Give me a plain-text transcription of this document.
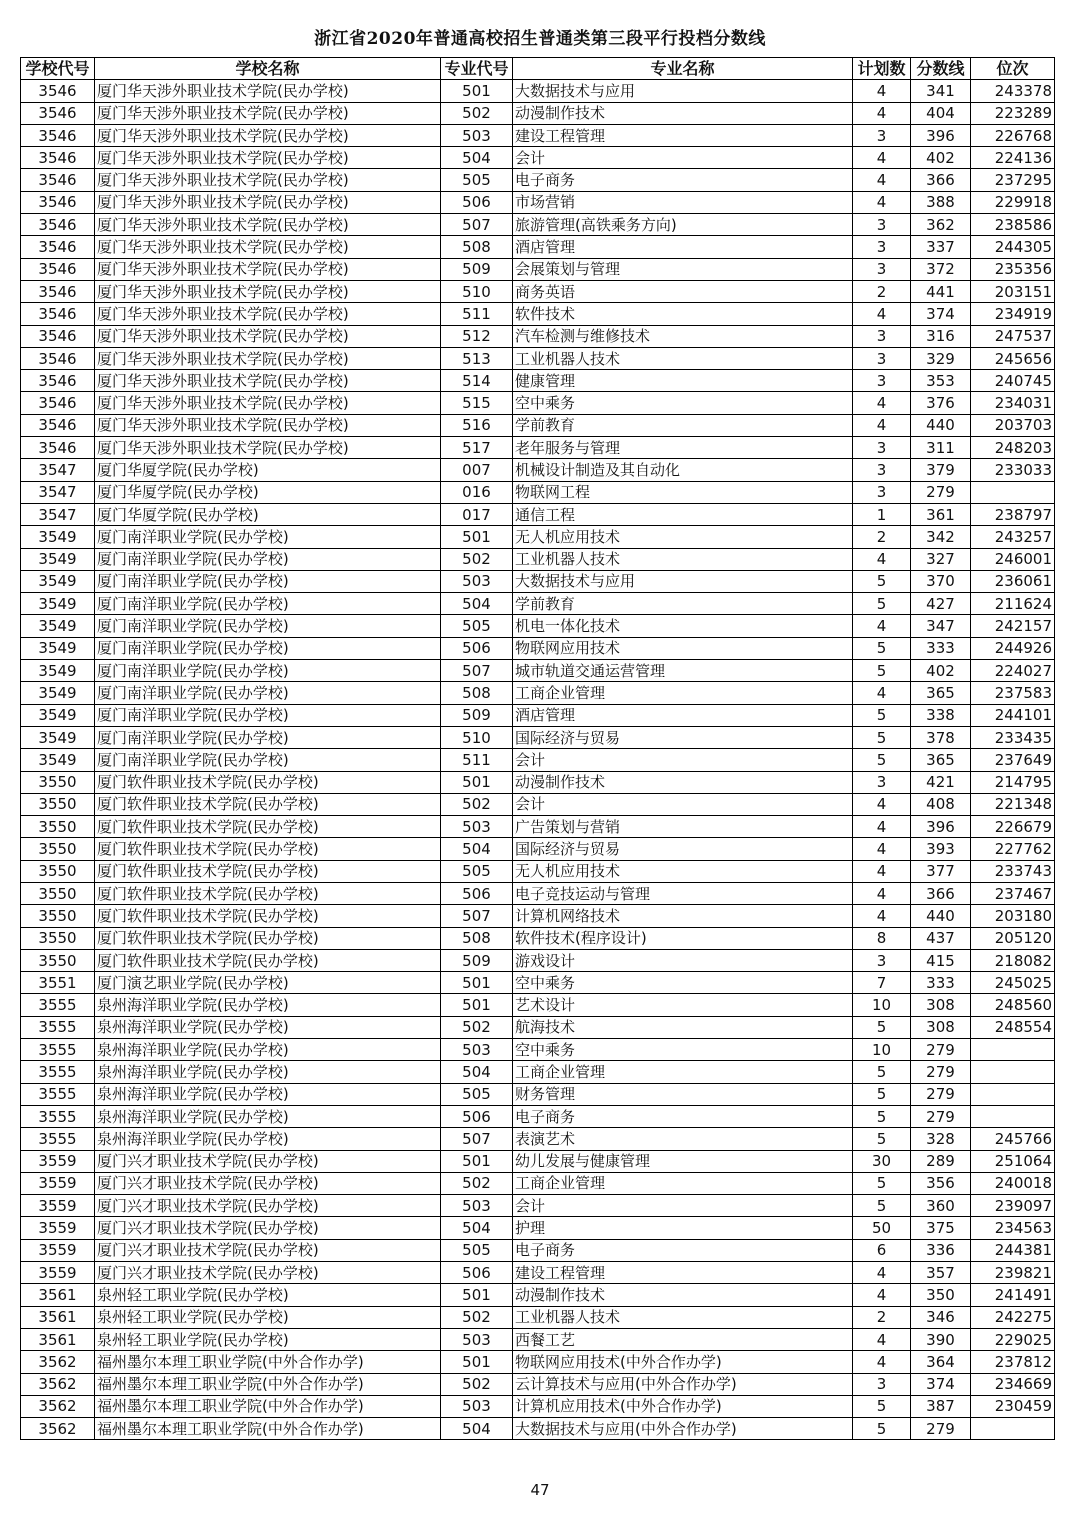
浙江省2020年普通高校招生普通类第三段平行投档分数线
学校代号	学校名称	专业代号	专业名称	计划数	分数线	位次
3546	厦门华天涉外职业技术学院(民办学校)	501	大数据技术与应用	4	341	243378
3546	厦门华天涉外职业技术学院(民办学校)	502	动漫制作技术	4	404	223289
3546	厦门华天涉外职业技术学院(民办学校)	503	建设工程管理	3	396	226768
3546	厦门华天涉外职业技术学院(民办学校)	504	会计	4	402	224136
3546	厦门华天涉外职业技术学院(民办学校)	505	电子商务	4	366	237295
3546	厦门华天涉外职业技术学院(民办学校)	506	市场营销	4	388	229918
3546	厦门华天涉外职业技术学院(民办学校)	507	旅游管理(高铁乘务方向)	3	362	238586
3546	厦门华天涉外职业技术学院(民办学校)	508	酒店管理	3	337	244305
3546	厦门华天涉外职业技术学院(民办学校)	509	会展策划与管理	3	372	235356
3546	厦门华天涉外职业技术学院(民办学校)	510	商务英语	2	441	203151
3546	厦门华天涉外职业技术学院(民办学校)	511	软件技术	4	374	234919
3546	厦门华天涉外职业技术学院(民办学校)	512	汽车检测与维修技术	3	316	247537
3546	厦门华天涉外职业技术学院(民办学校)	513	工业机器人技术	3	329	245656
3546	厦门华天涉外职业技术学院(民办学校)	514	健康管理	3	353	240745
3546	厦门华天涉外职业技术学院(民办学校)	515	空中乘务	4	376	234031
3546	厦门华天涉外职业技术学院(民办学校)	516	学前教育	4	440	203703
3546	厦门华天涉外职业技术学院(民办学校)	517	老年服务与管理	3	311	248203
3547	厦门华厦学院(民办学校)	007	机械设计制造及其自动化	3	379	233033
3547	厦门华厦学院(民办学校)	016	物联网工程	3	279	
3547	厦门华厦学院(民办学校)	017	通信工程	1	361	238797
3549	厦门南洋职业学院(民办学校)	501	无人机应用技术	2	342	243257
3549	厦门南洋职业学院(民办学校)	502	工业机器人技术	4	327	246001
3549	厦门南洋职业学院(民办学校)	503	大数据技术与应用	5	370	236061
3549	厦门南洋职业学院(民办学校)	504	学前教育	5	427	211624
3549	厦门南洋职业学院(民办学校)	505	机电一体化技术	4	347	242157
3549	厦门南洋职业学院(民办学校)	506	物联网应用技术	5	333	244926
3549	厦门南洋职业学院(民办学校)	507	城市轨道交通运营管理	5	402	224027
3549	厦门南洋职业学院(民办学校)	508	工商企业管理	4	365	237583
3549	厦门南洋职业学院(民办学校)	509	酒店管理	5	338	244101
3549	厦门南洋职业学院(民办学校)	510	国际经济与贸易	5	378	233435
3549	厦门南洋职业学院(民办学校)	511	会计	5	365	237649
3550	厦门软件职业技术学院(民办学校)	501	动漫制作技术	3	421	214795
3550	厦门软件职业技术学院(民办学校)	502	会计	4	408	221348
3550	厦门软件职业技术学院(民办学校)	503	广告策划与营销	4	396	226679
3550	厦门软件职业技术学院(民办学校)	504	国际经济与贸易	4	393	227762
3550	厦门软件职业技术学院(民办学校)	505	无人机应用技术	4	377	233743
3550	厦门软件职业技术学院(民办学校)	506	电子竞技运动与管理	4	366	237467
3550	厦门软件职业技术学院(民办学校)	507	计算机网络技术	4	440	203180
3550	厦门软件职业技术学院(民办学校)	508	软件技术(程序设计)	8	437	205120
3550	厦门软件职业技术学院(民办学校)	509	游戏设计	3	415	218082
3551	厦门演艺职业学院(民办学校)	501	空中乘务	7	333	245025
3555	泉州海洋职业学院(民办学校)	501	艺术设计	10	308	248560
3555	泉州海洋职业学院(民办学校)	502	航海技术	5	308	248554
3555	泉州海洋职业学院(民办学校)	503	空中乘务	10	279	
3555	泉州海洋职业学院(民办学校)	504	工商企业管理	5	279	
3555	泉州海洋职业学院(民办学校)	505	财务管理	5	279	
3555	泉州海洋职业学院(民办学校)	506	电子商务	5	279	
3555	泉州海洋职业学院(民办学校)	507	表演艺术	5	328	245766
3559	厦门兴才职业技术学院(民办学校)	501	幼儿发展与健康管理	30	289	251064
3559	厦门兴才职业技术学院(民办学校)	502	工商企业管理	5	356	240018
3559	厦门兴才职业技术学院(民办学校)	503	会计	5	360	239097
3559	厦门兴才职业技术学院(民办学校)	504	护理	50	375	234563
3559	厦门兴才职业技术学院(民办学校)	505	电子商务	6	336	244381
3559	厦门兴才职业技术学院(民办学校)	506	建设工程管理	4	357	239821
3561	泉州轻工职业学院(民办学校)	501	动漫制作技术	4	350	241491
3561	泉州轻工职业学院(民办学校)	502	工业机器人技术	2	346	242275
3561	泉州轻工职业学院(民办学校)	503	西餐工艺	4	390	229025
3562	福州墨尔本理工职业学院(中外合作办学)	501	物联网应用技术(中外合作办学)	4	364	237812
3562	福州墨尔本理工职业学院(中外合作办学)	502	云计算技术与应用(中外合作办学)	3	374	234669
3562	福州墨尔本理工职业学院(中外合作办学)	503	计算机应用技术(中外合作办学)	5	387	230459
3562	福州墨尔本理工职业学院(中外合作办学)	504	大数据技术与应用(中外合作办学)	5	279	
47
